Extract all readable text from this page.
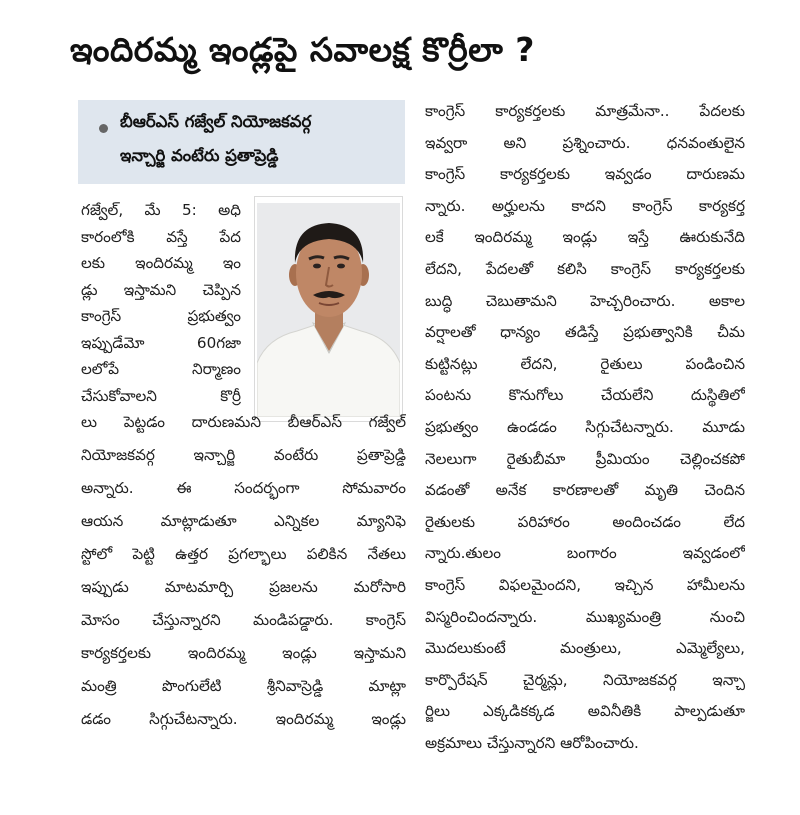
ఇందిరమ్మ ఇండ్లపై సవాలక్ష కొర్రీలా ?
బీఆర్ఎస్ గజ్వేల్ నియోజకవర్గ
ఇన్చార్జి వంటేరు ప్రతాప్రెడ్డి
గజ్వేల్, మే 5: అధి
కారంలోకి వస్తే పేద
లకు ఇందిరమ్మ ఇం
డ్లు ఇస్తామని చెప్పిన
కాంగ్రెస్ ప్రభుత్వం
ఇప్పుడేమో 60గజా
లలోపే నిర్మాణం
చేసుకోవాలని కొర్రీ
లు పెట్టడం దారుణమని బీఆర్ఎస్ గజ్వేల్
నియోజకవర్గ ఇన్చార్జి వంటేరు ప్రతాప్రెడ్డి
అన్నారు. ఈ సందర్భంగా సోమవారం
ఆయన మాట్లాడుతూ ఎన్నికల మ్యానిఫె
స్టోలో పెట్టి ఉత్తర ప్రగల్భాలు పలికిన నేతలు
ఇప్పుడు మాటమార్చి ప్రజలను మరోసారి
మోసం చేస్తున్నారని మండిపడ్డారు. కాంగ్రెస్
కార్యకర్తలకు ఇందిరమ్మ ఇండ్లు ఇస్తామని
మంత్రి పొంగులేటి శ్రీనివాస్రెడ్డి మాట్లా
డడం సిగ్గుచేటన్నారు. ఇందిరమ్మ ఇండ్లు
కాంగ్రెస్ కార్యకర్తలకు మాత్రమేనా.. పేదలకు
ఇవ్వరా అని ప్రశ్నించారు. ధనవంతులైన
కాంగ్రెస్ కార్యకర్తలకు ఇవ్వడం దారుణమ
న్నారు. అర్హులను కాదని కాంగ్రెస్ కార్యకర్త
లకే ఇందిరమ్మ ఇండ్లు ఇస్తే ఊరుకునేది
లేదని, పేదలతో కలిసి కాంగ్రెస్ కార్యకర్తలకు
బుద్ధి చెబుతామని హెచ్చరించారు. అకాల
వర్షాలతో ధాన్యం తడిస్తే ప్రభుత్వానికి చీమ
కుట్టినట్లు లేదని, రైతులు పండించిన
పంటను కొనుగోలు చేయలేని దుస్థితిలో
ప్రభుత్వం ఉండడం సిగ్గుచేటన్నారు. మూడు
నెలలుగా రైతుబీమా ప్రీమియం చెల్లించకపో
వడంతో అనేక కారణాలతో మృతి చెందిన
రైతులకు పరిహారం అందించడం లేద
న్నారు.తులం బంగారం ఇవ్వడంలో
కాంగ్రెస్ విఫలమైందని, ఇచ్చిన హామీలను
విస్మరించిందన్నారు. ముఖ్యమంత్రి నుంచి
మొదలుకుంటే మంత్రులు, ఎమ్మెల్యేలు,
కార్పొరేషన్ చైర్మన్లు, నియోజకవర్గ ఇన్చా
ర్జిలు ఎక్కడికక్కడ అవినీతికి పాల్పడుతూ
అక్రమాలు చేస్తున్నారని ఆరోపించారు.
